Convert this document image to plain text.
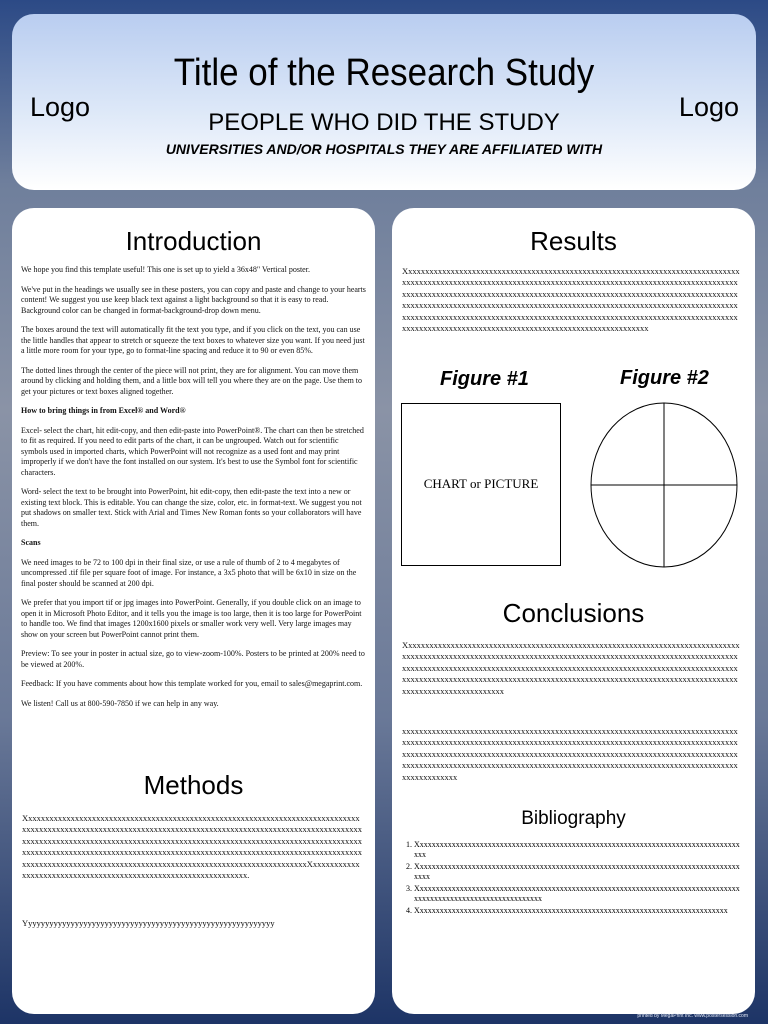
Logo
Title of the Research Study
PEOPLE WHO DID THE STUDY
UNIVERSITIES AND/OR HOSPITALS THEY ARE AFFILIATED WITH
Logo
Introduction

We hope you find this template useful! This one is set up to yield a 36x48" Vertical poster.

We've put in the headings we usually see in these posters, you can copy and paste and change to your hearts content! We suggest you use keep black text against a light background so that it is easy to read. Background color can be changed in format-background-drop down menu.

The boxes around the text will automatically fit the text you type, and if you click on the text, you can use the little handles that appear to stretch or squeeze the text boxes to whatever size you want. If you need just a little more room for your type, go to format-line spacing and reduce it to 90 or even 85%.

The dotted lines through the center of the piece will not print, they are for alignment. You can move them around by clicking and holding them, and a little box will tell you where they are on the page. Use them to get your pictures or text boxes aligned together.

How to bring things in from Excel® and Word®

Excel- select the chart, hit edit-copy, and then edit-paste into PowerPoint®. The chart can then be stretched to fit as required. If you need to edit parts of the chart, it can be ungrouped. Watch out for scientific symbols used in imported charts, which PowerPoint will not recognize as a used font and may print improperly if we don't have the font installed on our system. It's best to use the Symbol font for scientific characters.

Word- select the text to be brought into PowerPoint, hit edit-copy, then edit-paste the text into a new or existing text block. This is editable. You can change the size, color, etc. in format-text. We suggest you not put shadows on smaller text. Stick with Arial and Times New Roman fonts so your collaborators will have them.

Scans

We need images to be 72 to 100 dpi in their final size, or use a rule of thumb of 2 to 4 megabytes of uncompressed .tif file per square foot of image. For instance, a 3x5 photo that will be 6x10 in size on the final poster should be scanned at 200 dpi.

We prefer that you import tif or jpg images into PowerPoint. Generally, if you double click on an image to open it in Microsoft Photo Editor, and it tells you the image is too large, then it is too large for PowerPoint to handle too. We find that images 1200x1600 pixels or smaller work very well. Very large images may show on your screen but PowerPoint cannot print them.

Preview: To see your in poster in actual size, go to view-zoom-100%. Posters to be printed at 200% need to be viewed at 200%.

Feedback: If you have comments about how this template worked for you, email to sales@megaprint.com.

We listen! Call us at 800-590-7850 if we can help in any way.

Methods
XxxxxxxxxxxxxxxxxxxxxxxxxxxxxxxxxxxxxxxxxxxxxxxxxxxxxxxxxxxxxxxxxxxxxxxxxxxxxxxxxxxxxxxxxxxxxxxxxxxxxxxxxxxxxxxxxxxxxxxxxxxxxxxxxxxxxxxxxxxxxxxxxxxxxxxxxxxxxxxxxxxxxxxxxxxxxxxxxxxxxxxxxxxxxxxxxxxxxxxxxxxxxxxxxxxxxxxxxxxxxxxxxxxxxxxxxxxxxxxxxxxxxxxxxxxxxxxxxxxxxxxxxxxxxxxxxxxxxxxxxxxxxxxxxxxxxxxxxxxxxxxxxxxxxxxxxxxxxxxxxxxxxxxxxxxxxxxxxxxxxxxxxxxxxxxxxxxxxxxxxxxxxxxxxxxxxxxxxxxxxxxxxxXxxxxxxxxxxxxxxxxxxxxxxxxxxxxxxxxxxxxxxxxxxxxxxxxxxxxxxxxxxxxxxxx.
Yyyyyyyyyyyyyyyyyyyyyyyyyyyyyyyyyyyyyyyyyyyyyyyyyyyyyyyyyyy
Results
Xxxxxxxxxxxxxxxxxxxxxxxxxxxxxxxxxxxxxxxxxxxxxxxxxxxxxxxxxxxxxxxxxxxxxxxxxxxxxxxxxxxxxxxxxxxxxxxxxxxxxxxxxxxxxxxxxxxxxxxxxxxxxxxxxxxxxxxxxxxxxxxxxxxxxxxxxxxxxxxxxxxxxxxxxxxxxxxxxxxxxxxxxxxxxxxxxxxxxxxxxxxxxxxxxxxxxxxxxxxxxxxxxxxxxxxxxxxxxxxxxxxxxxxxxxxxxxxxxxxxxxxxxxxxxxxxxxxxxxxxxxxxxxxxxxxxxxxxxxxxxxxxxxxxxxxxxxxxxxxxxxxxxxxxxxxxxxxxxxxxxxxxxxxxxxxxxxxxxxxxxxxxxxxxxxxxxxxxxxxxxxxxxxxxxxxxxxxxxxxxxxxxxxxxxxxxxxxxxxxxxxxxxxxxxxxxxxxxxxxxxxxxxxxxxxxxx
Figure #1	Figure #2
CHART or PICTURE
Conclusions
Xxxxxxxxxxxxxxxxxxxxxxxxxxxxxxxxxxxxxxxxxxxxxxxxxxxxxxxxxxxxxxxxxxxxxxxxxxxxxxxxxxxxxxxxxxxxxxxxxxxxxxxxxxxxxxxxxxxxxxxxxxxxxxxxxxxxxxxxxxxxxxxxxxxxxxxxxxxxxxxxxxxxxxxxxxxxxxxxxxxxxxxxxxxxxxxxxxxxxxxxxxxxxxxxxxxxxxxxxxxxxxxxxxxxxxxxxxxxxxxxxxxxxxxxxxxxxxxxxxxxxxxxxxxxxxxxxxxxxxxxxxxxxxxxxxxxxxxxxxxxxxxxxxxxxxxxxxxxxxxxxxxxxxxxxxxxxxxxxxxx
xxxxxxxxxxxxxxxxxxxxxxxxxxxxxxxxxxxxxxxxxxxxxxxxxxxxxxxxxxxxxxxxxxxxxxxxxxxxxxxxxxxxxxxxxxxxxxxxxxxxxxxxxxxxxxxxxxxxxxxxxxxxxxxxxxxxxxxxxxxxxxxxxxxxxxxxxxxxxxxxxxxxxxxxxxxxxxxxxxxxxxxxxxxxxxxxxxxxxxxxxxxxxxxxxxxxxxxxxxxxxxxxxxxxxxxxxxxxxxxxxxxxxxxxxxxxxxxxxxxxxxxxxxxxxxxxxxxxxxxxxxxxxxxxxxxxxxxxxxxxxxxxxxxxxxxxxxxxxxxxxxxxxxxxx
Bibliography
1. Xxxxxxxxxxxxxxxxxxxxxxxxxxxxxxxxxxxxxxxxxxxxxxxxxxxxxxxxxxxxxxxxxxxxxxxxxxxxxxxxxxxx
2. Xxxxxxxxxxxxxxxxxxxxxxxxxxxxxxxxxxxxxxxxxxxxxxxxxxxxxxxxxxxxxxxxxxxxxxxxxxxxxxxxxxxxx
3. Xxxxxxxxxxxxxxxxxxxxxxxxxxxxxxxxxxxxxxxxxxxxxxxxxxxxxxxxxxxxxxxxxxxxxxxxxxxxxxxxxxxxxxxxxxxxxxxxxxxxxxxxxxxxxxxxx
4. Xxxxxxxxxxxxxxxxxxxxxxxxxxxxxxxxxxxxxxxxxxxxxxxxxxxxxxxxxxxxxxxxxxxxxxxxxxxxxx
printed by MegaPrint Inc. www.postersession.com
